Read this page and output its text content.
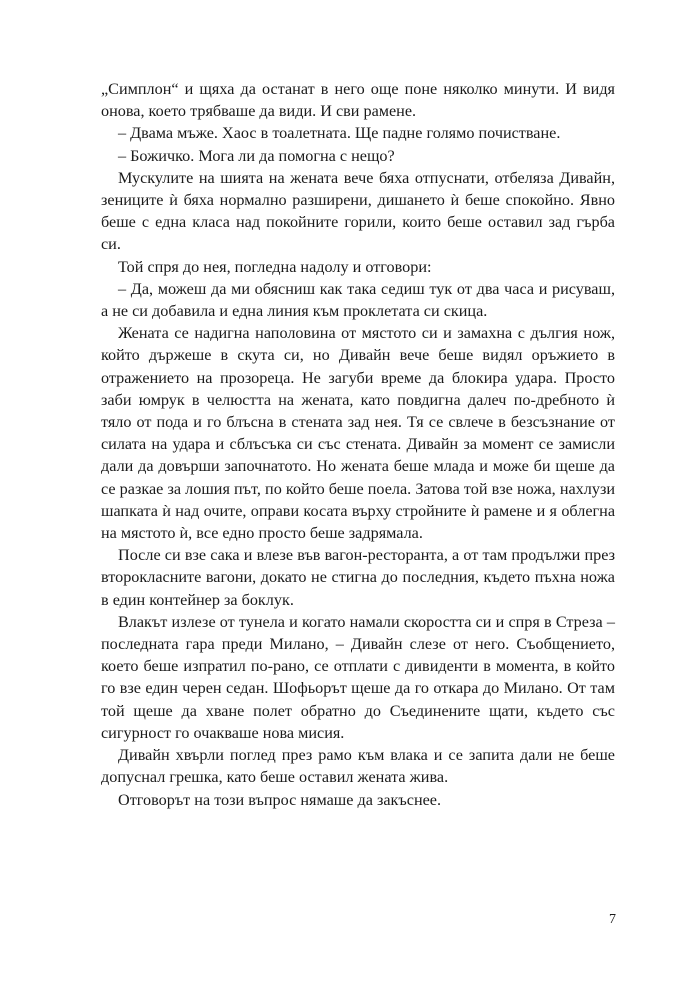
„Симплон“ и щяха да останат в него още поне няколко минути. И видя онова, което трябваше да види. И сви рамене.

– Двама мъже. Хаос в тоалетната. Ще падне голямо почистване.

– Божичко. Мога ли да помогна с нещо?

Мускулите на шията на жената вече бяха отпуснати, отбеляза Дивайн, зениците ѝ бяха нормално разширени, дишането ѝ беше спокойно. Явно беше с една класа над покойните горили, които беше оставил зад гърба си.

Той спря до нея, погледна надолу и отговори:

– Да, можеш да ми обясниш как така седиш тук от два часа и рисуваш, а не си добавила и една линия към проклетата си скица.

Жената се надигна наполовина от мястото си и замахна с дългия нож, който държеше в скута си, но Дивайн вече беше видял оръжието в отражението на прозореца. Не загуби време да блокира удара. Просто заби юмрук в челюстта на жената, като повдигна далеч по-дребното ѝ тяло от пода и го блъсна в стената зад нея. Тя се свлече в безсъзнание от силата на удара и сблъсъка си със стената. Дивайн за момент се замисли дали да довърши започнатото. Но жената беше млада и може би щеше да се разкае за лошия път, по който беше поела. Затова той взе ножа, нахлузи шапката ѝ над очите, оправи косата върху стройните ѝ рамене и я облегна на мястото ѝ, все едно просто беше задрямала.

После си взе сака и влезе във вагон-ресторанта, а от там продължи през второкласните вагони, докато не стигна до последния, където пъхна ножа в един контейнер за боклук.

Влакът излезе от тунела и когато намали скоростта си и спря в Стреза – последната гара преди Милано, – Дивайн слезе от него. Съобщението, което беше изпратил по-рано, се отплати с дивиденти в момента, в който го взе един черен седан. Шофьорът щеше да го откара до Милано. От там той щеше да хване полет обратно до Съединените щати, където със сигурност го очакваше нова мисия.

Дивайн хвърли поглед през рамо към влака и се запита дали не беше допуснал грешка, като беше оставил жената жива.

Отговорът на този въпрос нямаше да закъснее.

7
